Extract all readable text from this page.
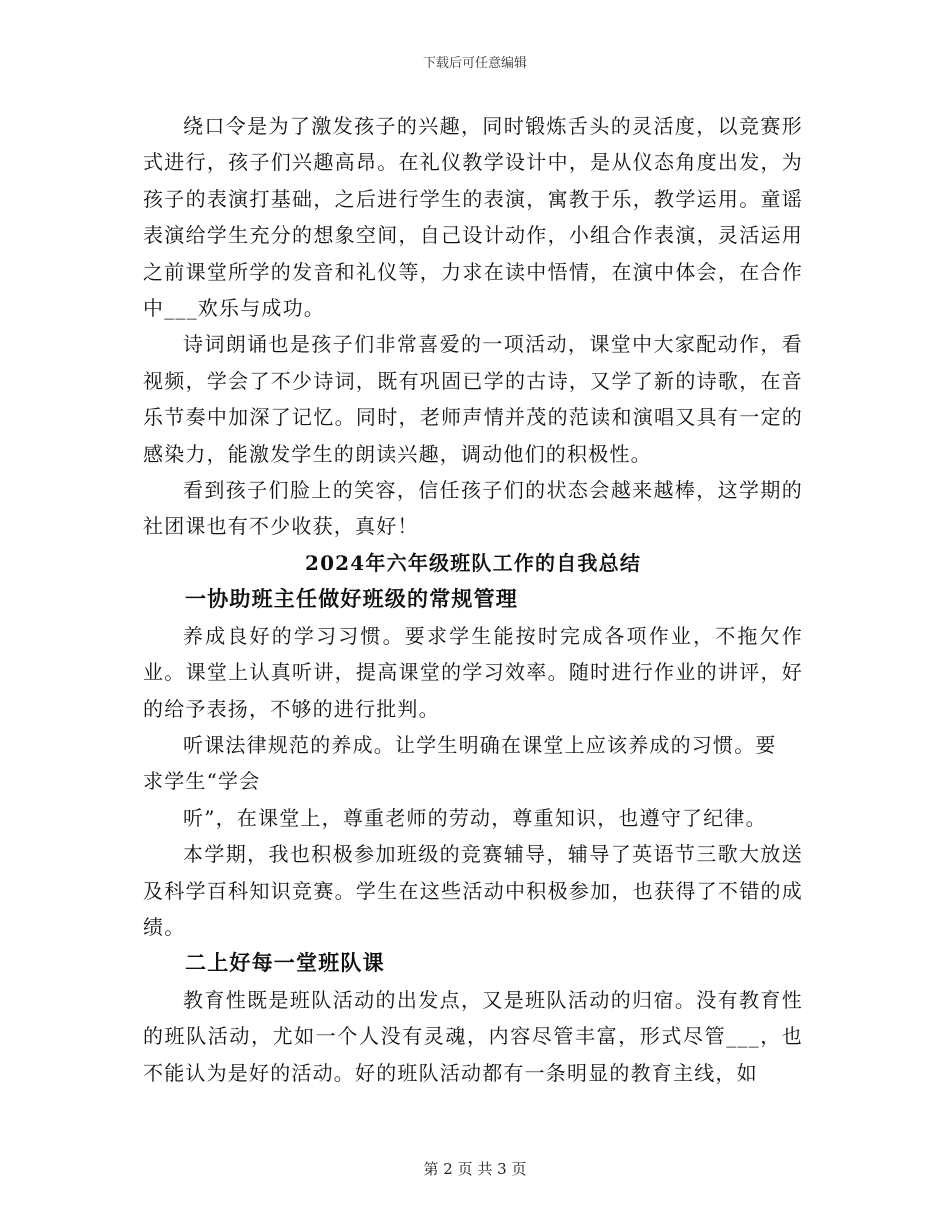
下载后可任意编辑

绕口令是为了激发孩子的兴趣，同时锻炼舌头的灵活度，以竞赛形式进行，孩子们兴趣高昂。在礼仪教学设计中，是从仪态角度出发，为孩子的表演打基础，之后进行学生的表演，寓教于乐，教学运用。童谣表演给学生充分的想象空间，自己设计动作，小组合作表演，灵活运用之前课堂所学的发音和礼仪等，力求在读中悟情，在演中体会，在合作中___欢乐与成功。

诗词朗诵也是孩子们非常喜爱的一项活动，课堂中大家配动作，看视频，学会了不少诗词，既有巩固已学的古诗，又学了新的诗歌，在音乐节奏中加深了记忆。同时，老师声情并茂的范读和演唱又具有一定的感染力，能激发学生的朗读兴趣，调动他们的积极性。

看到孩子们脸上的笑容，信任孩子们的状态会越来越棒，这学期的社团课也有不少收获，真好！

2024年六年级班队工作的自我总结

一协助班主任做好班级的常规管理

养成良好的学习习惯。要求学生能按时完成各项作业，不拖欠作业。课堂上认真听讲，提高课堂的学习效率。随时进行作业的讲评，好的给予表扬，不够的进行批判。

听课法律规范的养成。让学生明确在课堂上应该养成的习惯。要

求学生“学会

听”，在课堂上，尊重老师的劳动，尊重知识，也遵守了纪律。

本学期，我也积极参加班级的竞赛辅导，辅导了英语节三歌大放送及科学百科知识竞赛。学生在这些活动中积极参加，也获得了不错的成绩。

二上好每一堂班队课

教育性既是班队活动的出发点，又是班队活动的归宿。没有教育性的班队活动，尤如一个人没有灵魂，内容尽管丰富，形式尽管___，也不能认为是好的活动。好的班队活动都有一条明显的教育主线，如

第 2 页 共 3 页
